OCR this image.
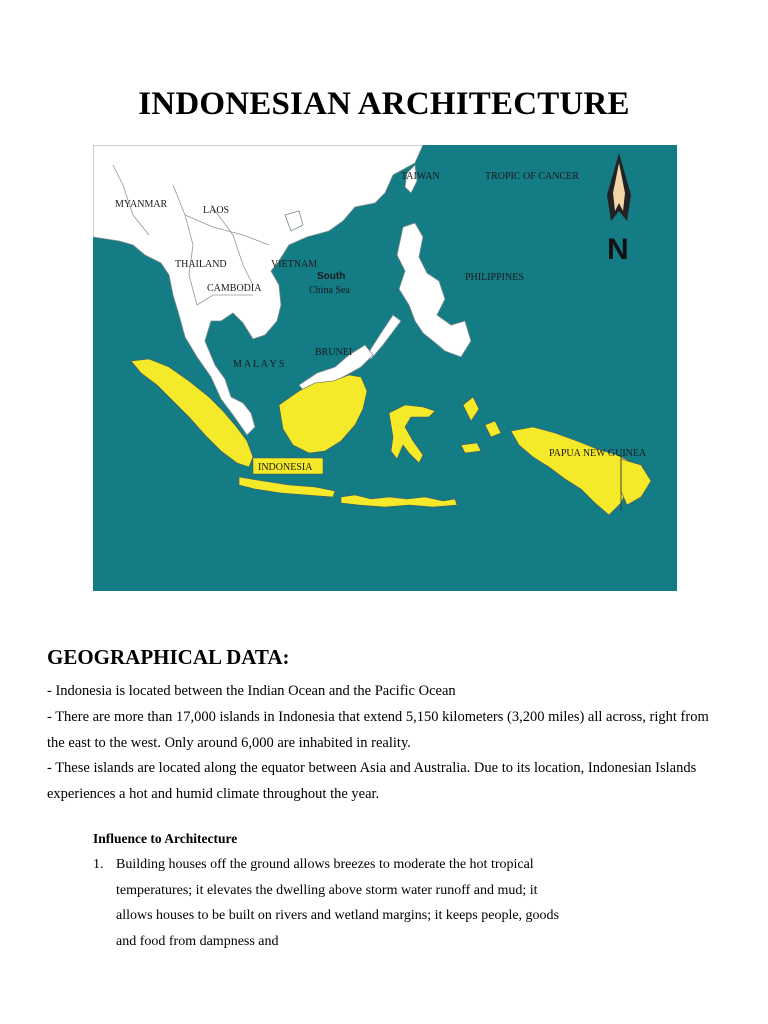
INDONESIAN ARCHITECTURE
MYANMAR
LAOS
THAILAND
CAMBODIA
VIETNAM
South
China Sea
PHILIPPINES
BRUNEI
M A L A Y S
INDONESIA
PAPUA NEW GUINEA
TAIWAN	TROPIC OF CANCER
N
GEOGRAPHICAL DATA:
- Indonesia is located between the Indian Ocean and the Pacific Ocean
- There are more than 17,000 islands in Indonesia that extend 5,150 kilometers (3,200 miles) all across, right from the east to the west. Only around 6,000 are inhabited in reality.
- These islands are located along the equator between Asia and Australia. Due to its location, Indonesian Islands experiences a hot and humid climate throughout the year.
Influence to Architecture
1. Building houses off the ground allows breezes to moderate the hot tropical temperatures; it elevates the dwelling above storm water runoff and mud; it allows houses to be built on rivers and wetland margins; it keeps people, goods and food from dampness and
